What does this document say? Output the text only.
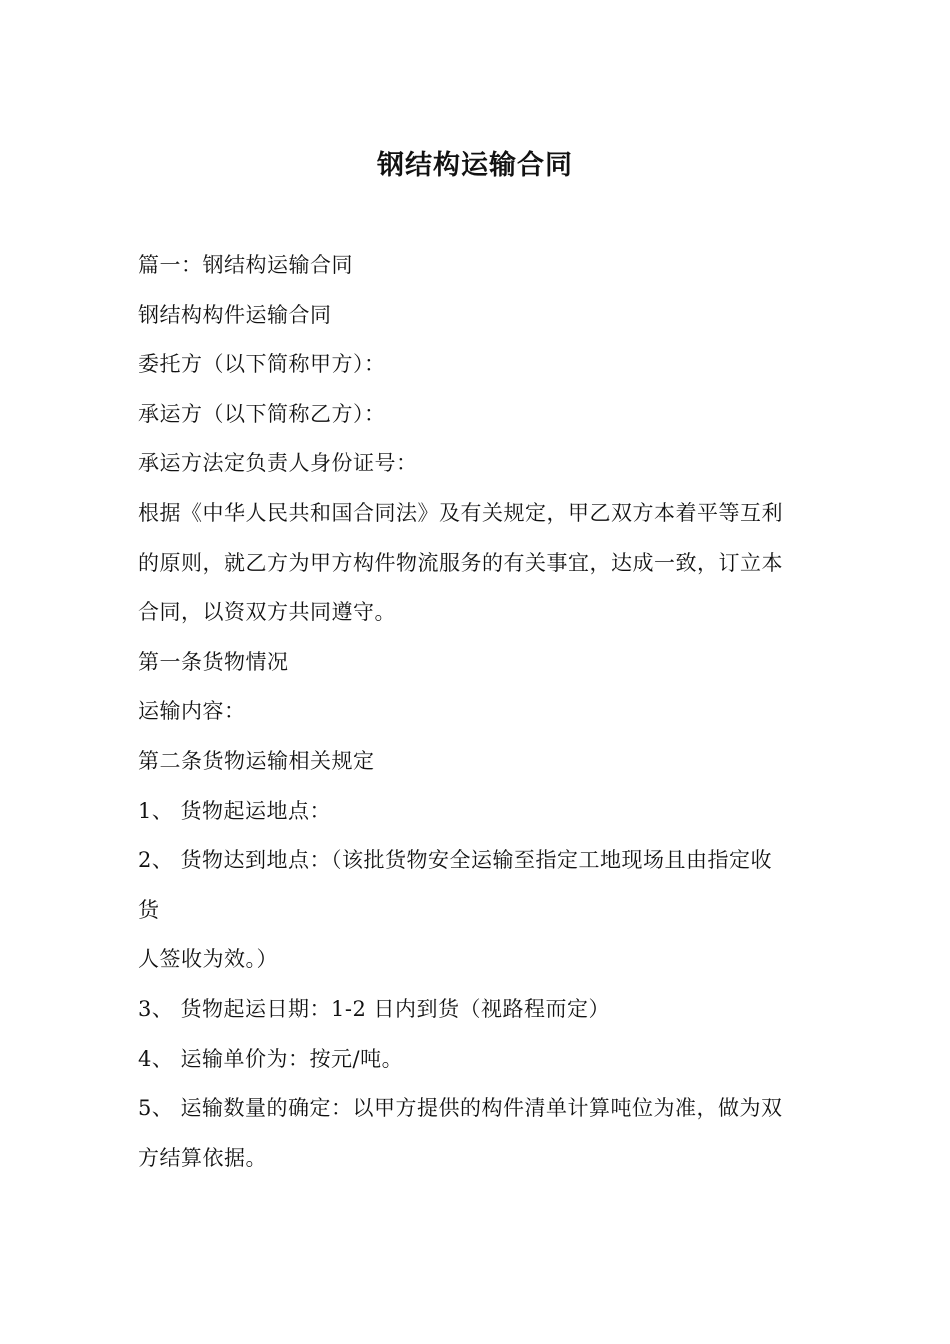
钢结构运输合同
篇一：钢结构运输合同
钢结构构件运输合同
委托方（以下简称甲方）：
承运方（以下简称乙方）：
承运方法定负责人身份证号：
根据《中华人民共和国合同法》及有关规定，甲乙双方本着平等互利
的原则，就乙方为甲方构件物流服务的有关事宜，达成一致，订立本
合同，以资双方共同遵守。
第一条货物情况
运输内容：
第二条货物运输相关规定
1、 货物起运地点：
2、 货物达到地点：（该批货物安全运输至指定工地现场且由指定收
货
人签收为效。）
3、 货物起运日期：1-2 日内到货（视路程而定）
4、 运输单价为：按元/吨。
5、 运输数量的确定：以甲方提供的构件清单计算吨位为准，做为双
方结算依据。
